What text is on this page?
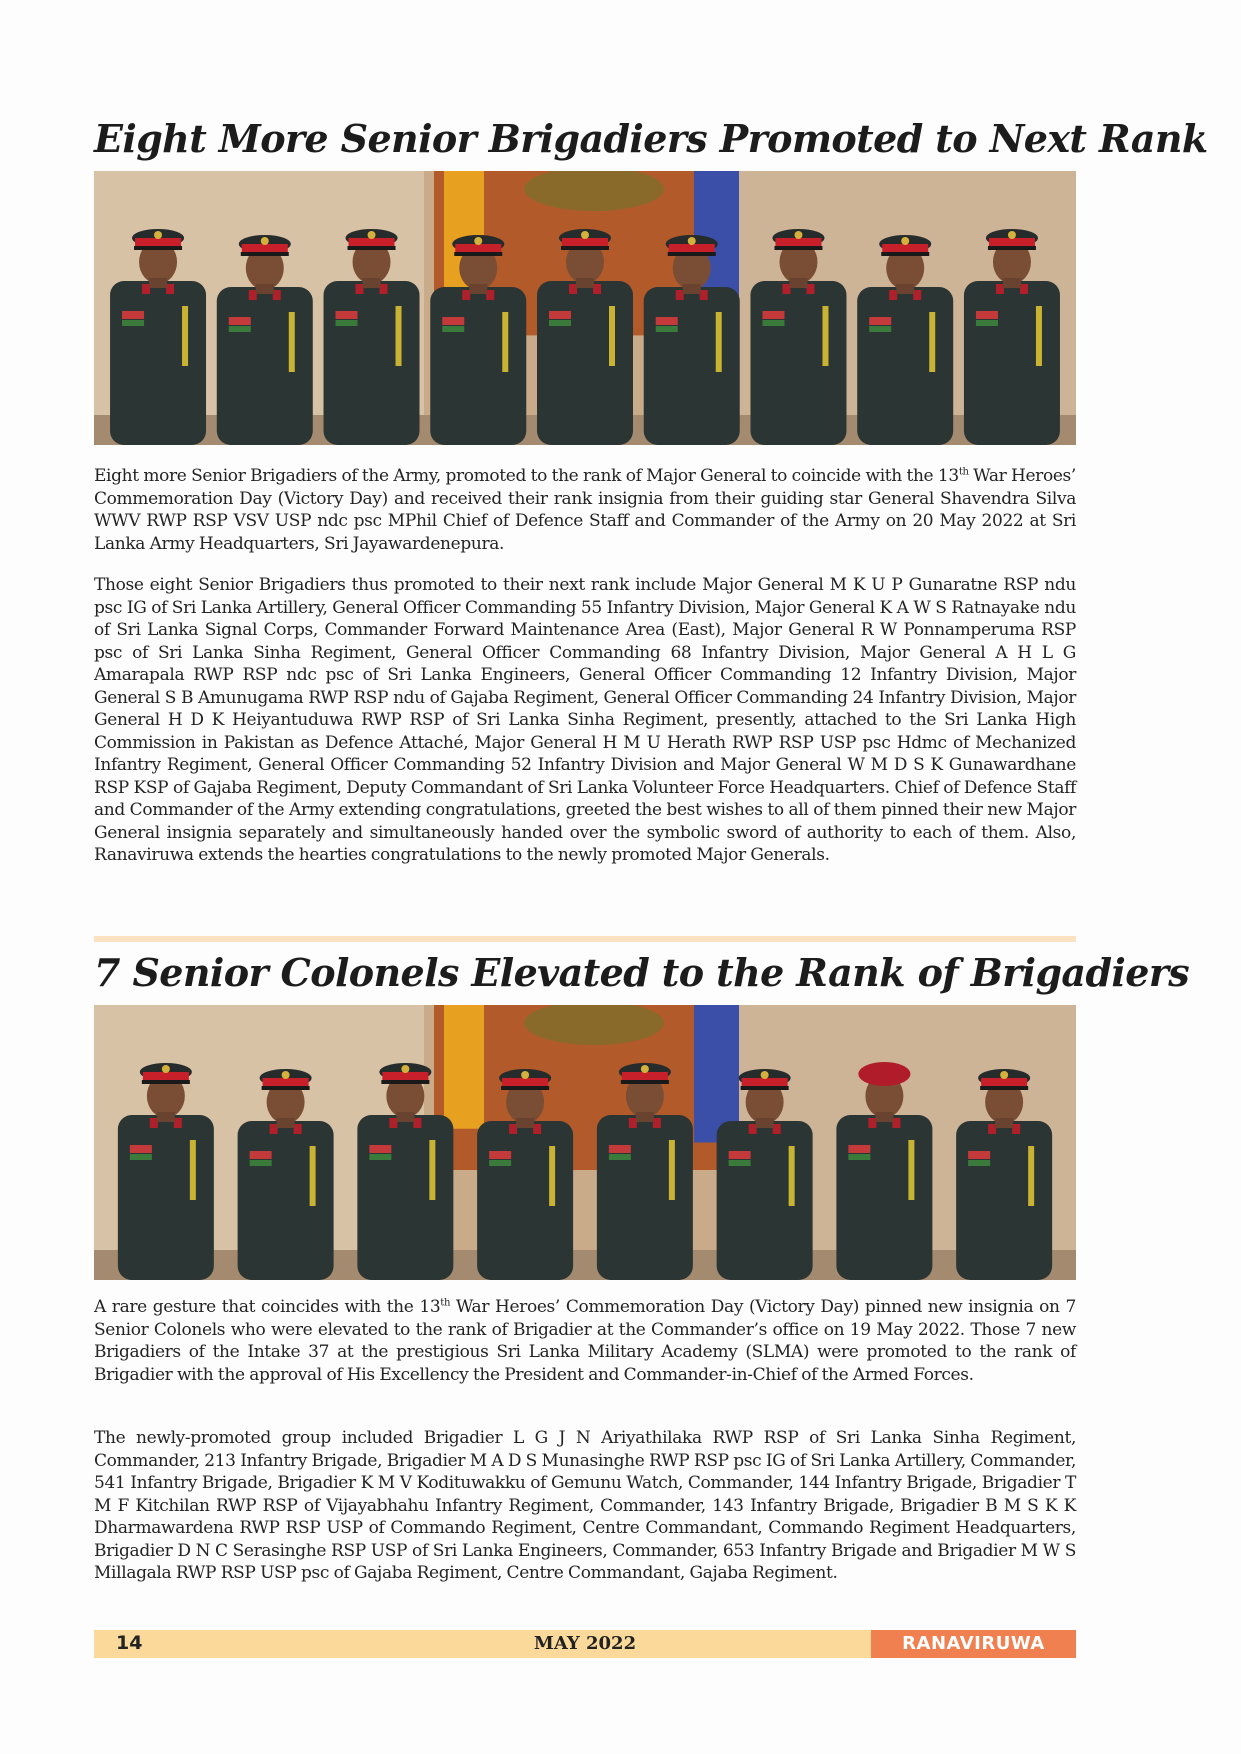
Eight More Senior Brigadiers Promoted to Next Rank

Eight more Senior Brigadiers of the Army, promoted to the rank of Major General to coincide with the 13th War Heroes’ Commemoration Day (Victory Day) and received their rank insignia from their guiding star General Shavendra Silva WWV RWP RSP VSV USP ndc psc MPhil Chief of Defence Staff and Commander of the Army on 20 May 2022 at Sri Lanka Army Headquarters, Sri Jayawardenepura.

Those eight Senior Brigadiers thus promoted to their next rank include Major General M K U P Gunaratne RSP ndu psc IG of Sri Lanka Artillery, General Officer Commanding 55 Infantry Division, Major General K A W S Ratnayake ndu of Sri Lanka Signal Corps, Commander Forward Maintenance Area (East), Major General R W Ponnamperuma RSP psc of Sri Lanka Sinha Regiment, General Officer Commanding 68 Infantry Division, Major General A H L G Amarapala RWP RSP ndc psc of Sri Lanka Engineers, General Officer Commanding 12 Infantry Division, Major General S B Amunugama RWP RSP ndu of Gajaba Regiment, General Officer Commanding 24 Infantry Division, Major General H D K Heiyantuduwa RWP RSP of Sri Lanka Sinha Regiment, presently, attached to the Sri Lanka High Commission in Pakistan as Defence Attaché, Major General H M U Herath RWP RSP USP psc Hdmc of Mechanized Infantry Regiment, General Officer Commanding 52 Infantry Division and Major General W M D S K Gunawardhane RSP KSP of Gajaba Regiment, Deputy Commandant of Sri Lanka Volunteer Force Headquarters. Chief of Defence Staff and Commander of the Army extending congratulations, greeted the best wishes to all of them pinned their new Major General insignia separately and simultaneously handed over the symbolic sword of authority to each of them. Also, Ranaviruwa extends the hearties congratulations to the newly promoted Major Generals.

7 Senior Colonels Elevated to the Rank of Brigadiers

A rare gesture that coincides with the 13th War Heroes’ Commemoration Day (Victory Day) pinned new insignia on 7 Senior Colonels who were elevated to the rank of Brigadier at the Commander’s office on 19 May 2022. Those 7 new Brigadiers of the Intake 37 at the prestigious Sri Lanka Military Academy (SLMA) were promoted to the rank of Brigadier with the approval of His Excellency the President and Commander-in-Chief of the Armed Forces.

The newly-promoted group included Brigadier L G J N Ariyathilaka RWP RSP of Sri Lanka Sinha Regiment, Commander, 213 Infantry Brigade, Brigadier M A D S Munasinghe RWP RSP psc IG of Sri Lanka Artillery, Commander, 541 Infantry Brigade, Brigadier K M V Kodituwakku of Gemunu Watch, Commander, 144 Infantry Brigade, Brigadier T M F Kitchilan RWP RSP of Vijayabhahu Infantry Regiment, Commander, 143 Infantry Brigade, Brigadier B M S K K Dharmawardena RWP RSP USP of Commando Regiment, Centre Commandant, Commando Regiment Headquarters, Brigadier D N C Serasinghe RSP USP of Sri Lanka Engineers, Commander, 653 Infantry Brigade and Brigadier M W S Millagala RWP RSP USP psc of Gajaba Regiment, Centre Commandant, Gajaba Regiment.

14	MAY 2022	RANAVIRUWA
